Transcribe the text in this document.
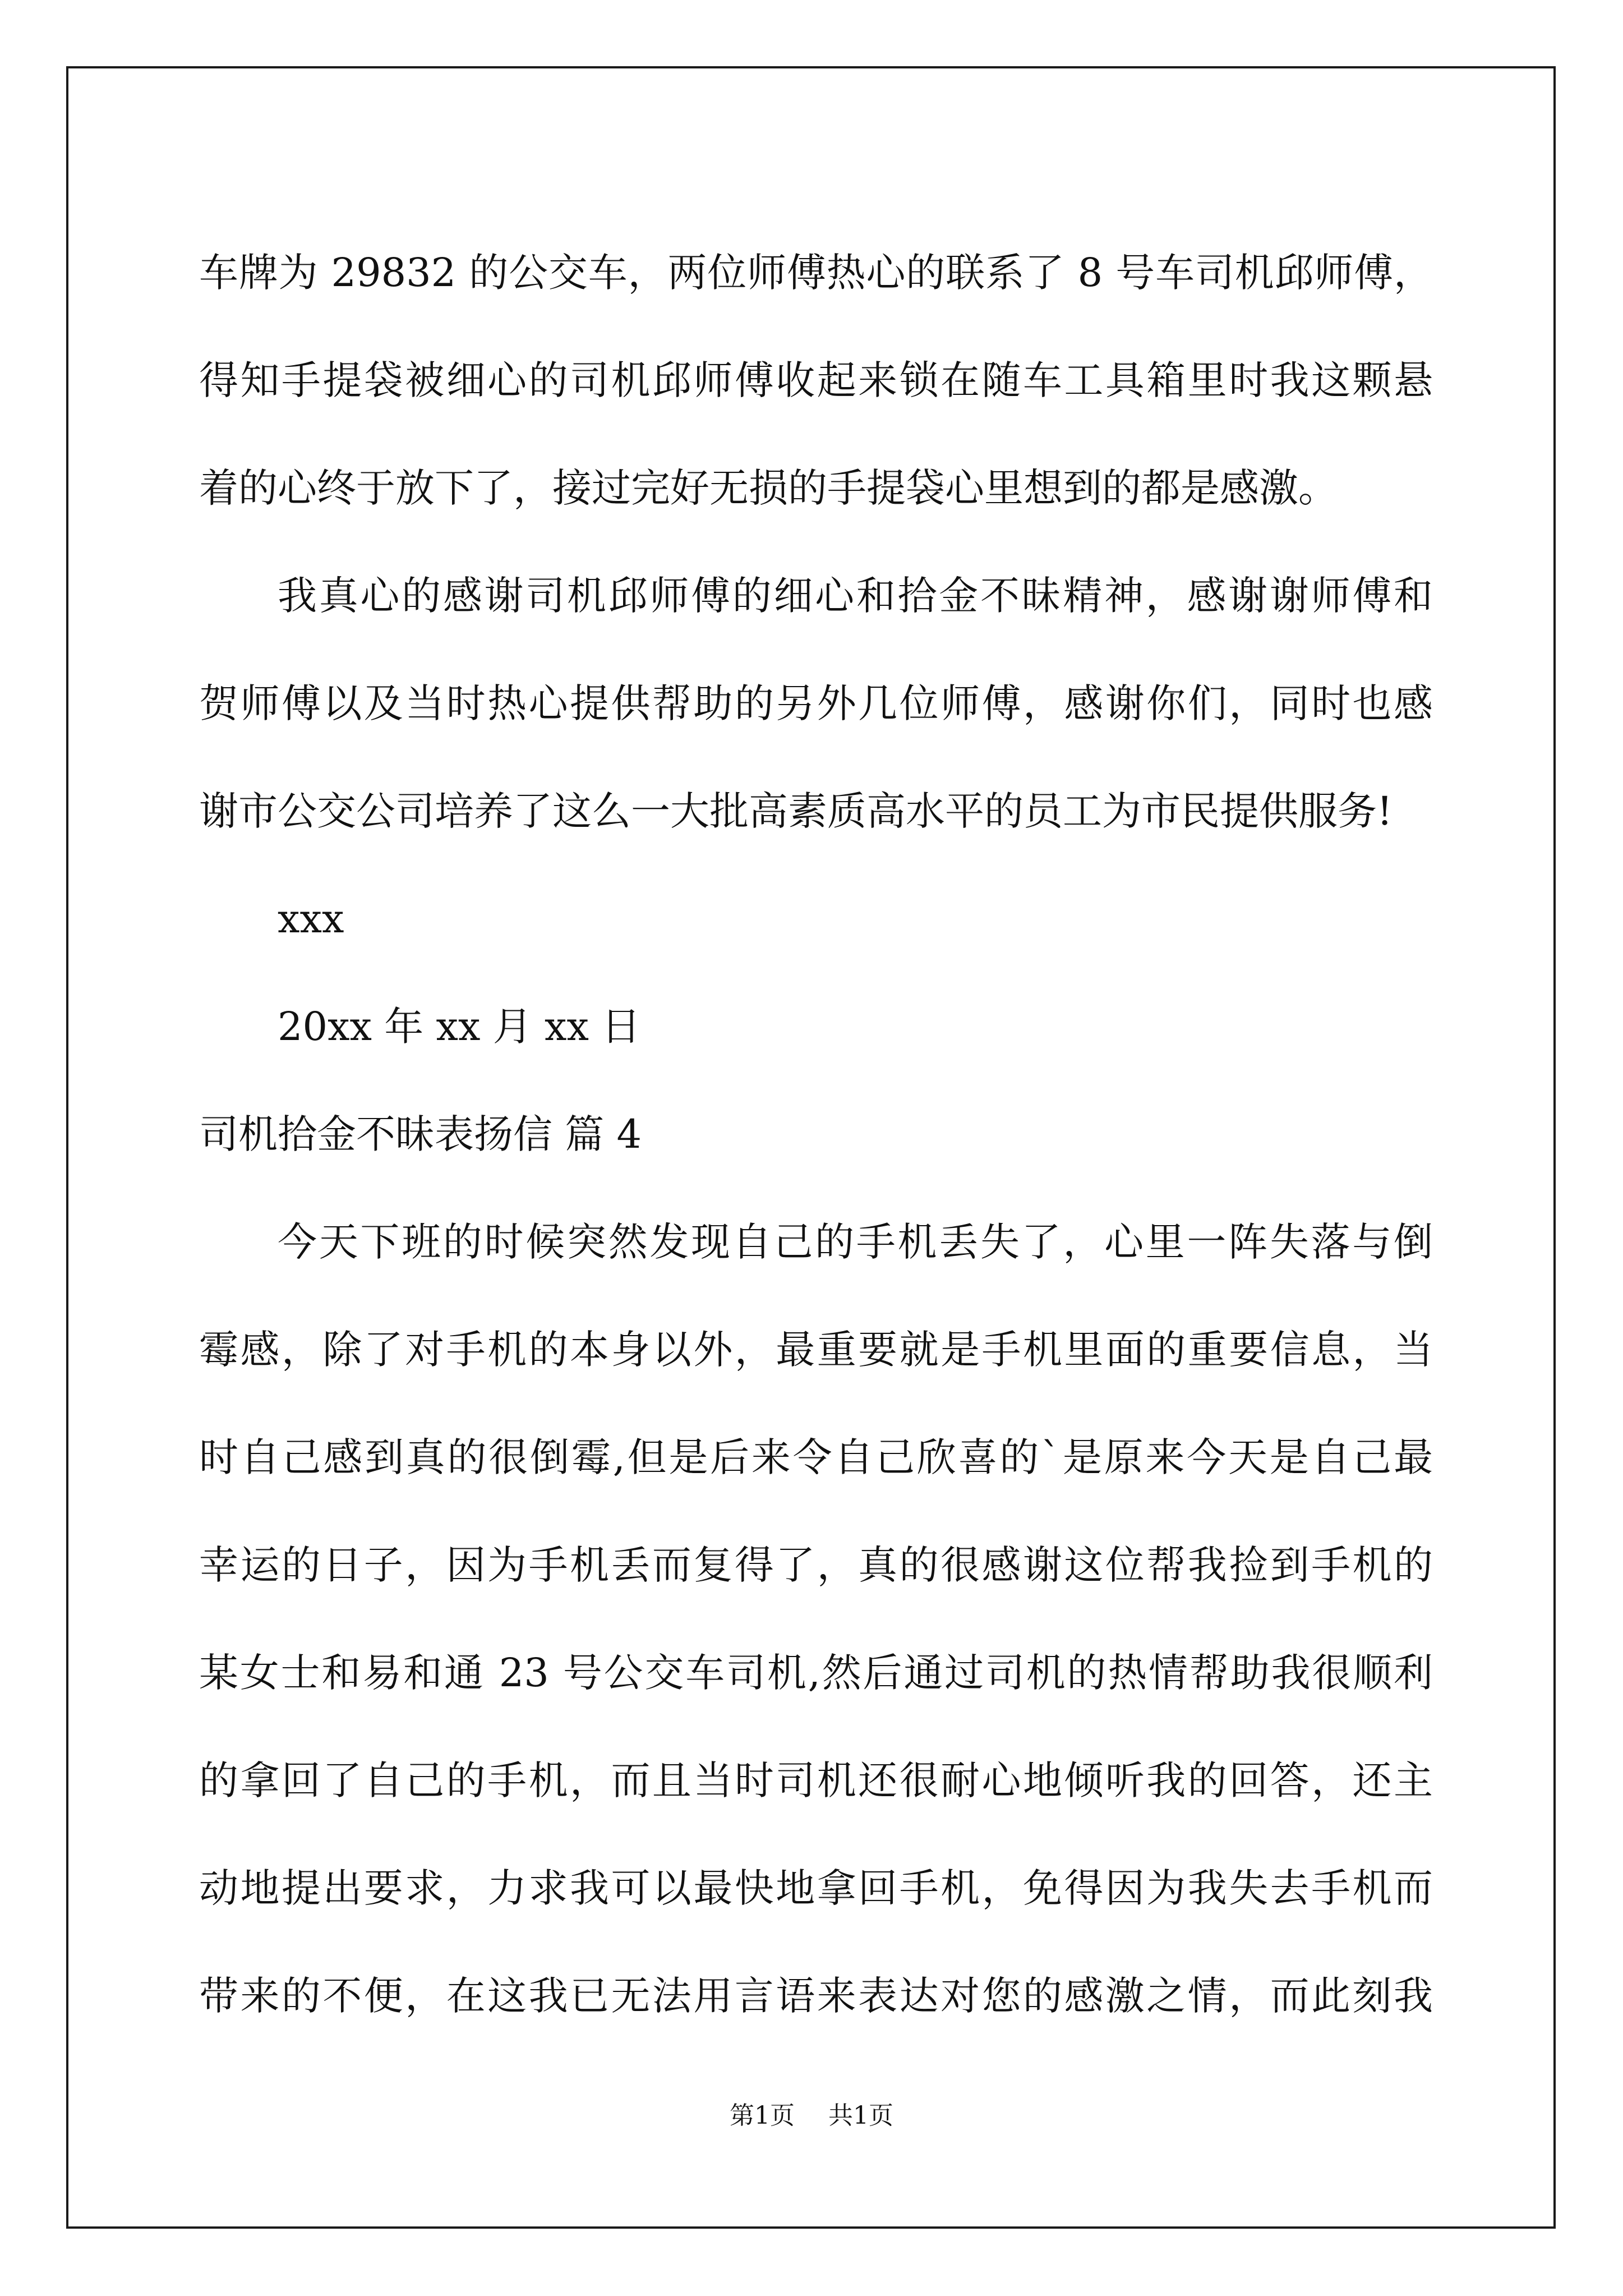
车牌为 29832 的公交车，两位师傅热心的联系了 8 号车司机邱师傅，
得知手提袋被细心的司机邱师傅收起来锁在随车工具箱里时我这颗悬
着的心终于放下了，接过完好无损的手提袋心里想到的都是感激。
我真心的感谢司机邱师傅的细心和拾金不昧精神，感谢谢师傅和
贺师傅以及当时热心提供帮助的另外几位师傅，感谢你们，同时也感
谢市公交公司培养了这么一大批高素质高水平的员工为市民提供服务!
xxx
20xx 年 xx 月 xx 日
司机拾金不昧表扬信 篇 4
今天下班的时候突然发现自己的手机丢失了，心里一阵失落与倒
霉感，除了对手机的本身以外，最重要就是手机里面的重要信息，当
时自己感到真的很倒霉,但是后来令自己欣喜的`是原来今天是自己最
幸运的日子，因为手机丢而复得了，真的很感谢这位帮我捡到手机的
某女士和易和通 23 号公交车司机,然后通过司机的热情帮助我很顺利
的拿回了自己的手机，而且当时司机还很耐心地倾听我的回答，还主
动地提出要求，力求我可以最快地拿回手机，免得因为我失去手机而
带来的不便，在这我已无法用言语来表达对您的感激之情，而此刻我
第1页 共1页
